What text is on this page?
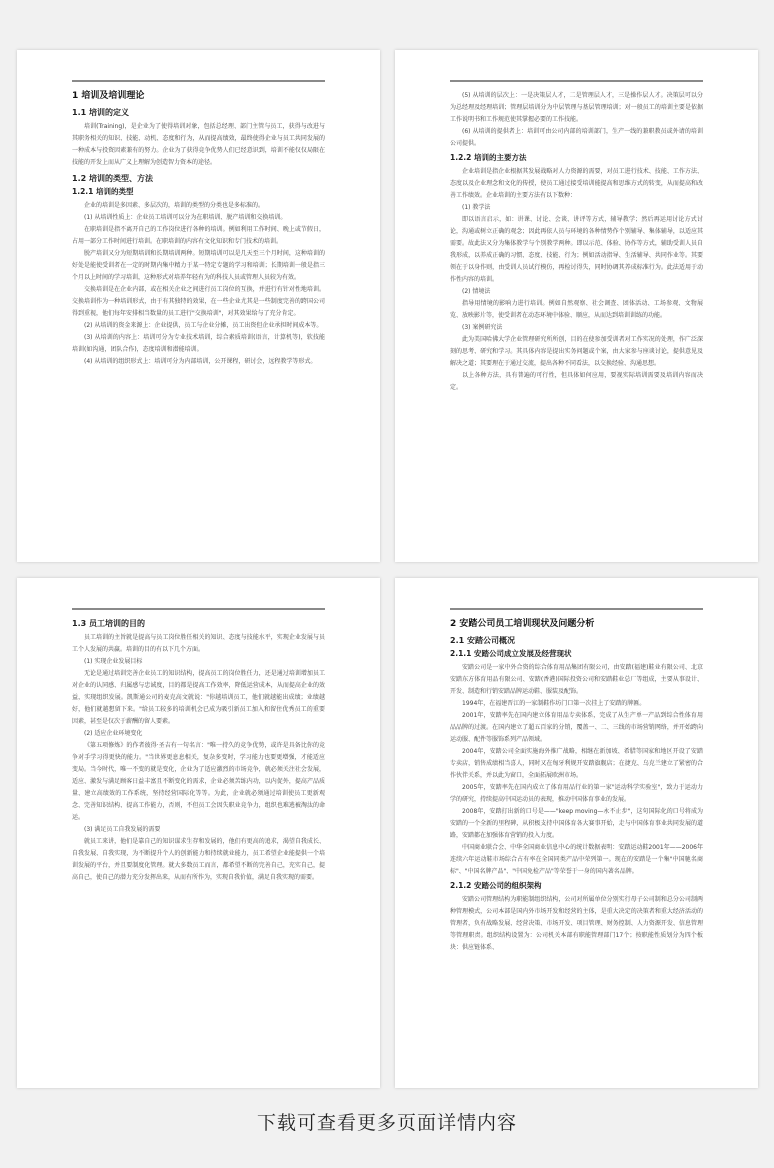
1 培训及培训理论
1.1 培训的定义

培训(Training)，是企业为了使得培训对象，包括总经理、部门主管与员工，获得与改进与其职务相关的知识、技能、动机、态度和行为，从而提高绩效，最终使得企业与员工共同发展的一种成本与投资因素兼有的努力。企业为了获得竞争优势人们已经意识到，培训不能仅仅局限在技能的开发上而从广义上理解为创造智力资本的途径。

1.2 培训的类型、方法
1.2.1 培训的类型

企业的培训是多因素、多层次的，培训的类型的分类也是多标准的。

(1) 从培训性质上：企业员工培训可以分为在职培训、脱产培训和交换培训。

在职培训是指不离开自己的工作岗位进行各种的培训。例如利用工作时间、晚上或节假日，占用一部分工作时间进行培训。在职培训的内容有文化知识和专门技术的培训。

脱产培训又分为短期培训和长期培训两种。短期培训可以是几天至三个月时间，这种培训的好处是能使受训者在一定的时期内集中精力于某一特定专题的学习和培训；长期培训一般是指三个月以上时间的学习培训，这种形式对培养年轻有为的科技人员或管理人员较为有效。

交换培训是在企业内部，或在相关企业之间进行员工岗位的互换，并进行有针对性地培训。交换培训作为一种培训形式，由于有其独特的效果，在一些企业尤其是一些制度完善的跨国公司得到重视，他们每年安排相当数量的员工进行"交换培训"，对其效果给与了充分肯定。

(2) 从培训的资金来源上：企业提供，员工与企业分摊，员工出资但企业承担时间成本等。

(3) 从培训的内容上：培训可分为专业技术培训，综合素质培训(语言，计算机等)，软技能培训(如沟通，团队合作)，态度培训和潜能培训。

(4) 从培训的组织形式上：培训可分为内部培训，公开课程，研讨会，远程教学等形式。

(5) 从培训的层次上：一是决策层人才，二是管理层人才，三是操作层人才。决策层可以分为总经理及经理培训；管理层培训分为中层管理与基层管理培训；对一般员工的培训主要是依据工作说明书和工作规范使其掌握必要的工作技能。

(6) 从培训的提供者上：培训可由公司内部的培训部门，生产一线的兼职教员或外请的培训公司提供。

1.2.2 培训的主要方法

企业培训是指企业根据其发展战略对人力资源的需要，对员工进行技术、技能、工作方法、态度以及企业理念和文化的传授，使员工通过接受培训能提高和思维方式的转变，从而提高和改善工作绩效。企业培训的主要方法有以下数种：

(1) 教学法

即以语言启示，如：讲课、讨论、会谈、讲评等方式，辅导教学；然后再运用讨论方式讨论，沟通或树立正确的观念；因此再依人员与环境的各种情势作个别辅导、集体辅导，以适应其需要。故此法又分为集体教学与个别教学两种。即以示范、体验、协作等方式，辅助受训人员自我形成，以养成正确的习惯、态度、技能、行为；例如活动指导、生活辅导、共同作业等。其要领在于以身作则，由受训人员试行模仿，再检讨得失，同时协调其养成标准行为。此法适用于动作性内容的培训。

(2) 情境法

指导用情境的影响力进行培训。例如自然观察、社会调查、团体活动、工场参观、文物展览、放映影片等，使受训者在动态环境中体验、顺应，从而达到培训训练的功能。

(3) 案例研究法

此为美国哈佛大学企业管理研究所所创，目的在使参加受训者对工作实况的处理，作广泛深刻的思考、研究和学习。其具体内容是提出实务问题或个案，由大家参与座谈讨论，提供意见及解决之道；其要理在于通过交流，提出各种不同看法，以交换经验、沟通思想。

以上各种方法，具有普遍的可行性，但具体如何应用，要视实际培训需要及培训内容而决定。

1.3 员工培训的目的

员工培训的主旨就是提高与员工岗位胜任相关的知识、态度与技能水平，实现企业发展与员工个人发展的共赢。培训的目的有以下几个方面。

(1) 实现企业发展目标

无论是通过培训完善企业员工的知识结构，提高员工的岗位胜任力，还是通过培训增加员工对企业的认同感、归属感与忠诚度，目的都是提高工作效率，降低运营成本，从而提高企业的效益，实现组织发展。凯斯通公司的麦克高文就说："你越培训员工，他们就越能出成绩；业绩越好，他们就越想留下来。"给员工较多的培训机会已成为吸引新员工加入和留住优秀员工的重要因素，甚至是仅次于薪酬的留人要素。

(2) 适应企业环境变化

《第五项修炼》的作者彼得·圣吉有一句名言："唯一持久的竞争优势，或许是具备比你的竞争对手学习得更快的能力。"当世界更息息相关，复杂多变时，学习能力也要更增强，才能适应变局。当今时代，唯一不变的就是变化，企业为了适应激烈的市场竞争，就必须关注社会发展，适应、激发与满足顾客日益丰富且不断变化的需求，企业必须苦练内功，以内促外，提高产品质量、建立高绩效的工作系统，坚持经营国际化等等。为此，企业就必须通过培训使员工更新观念、完善知识结构、提高工作能力，否则，不但员工会因失职业竞争力，组织也难逃被淘汰的命运。

(3) 满足员工自我发展的需要

就员工来讲，他们是靠自己的知识谋求生存和发展的，他们有更高的追求，渴望自我成长、自我发展、自我实现，为不断提升个人的创新能力和持续就业能力，员工希望企业能提供一个培训发展的平台，并且要制度化管理。就大多数员工而言，都希望不断的完善自己，充实自己，提高自己，使自己的潜力充分发挥出来，从而有所作为，实现自我价值，满足自我实现的需要。

2 安踏公司员工培训现状及问题分析
2.1 安踏公司概况
2.1.1 安踏公司成立发展及经营现状

安踏公司是一家中外合资的综合体育用品集团有限公司，由安踏(福建)鞋业有限公司、北京安踏东方体育用品有限公司、安踏(香港)国际投资公司和安踏鞋业总厂等组成，主要从事设计、开发、制造和行销安踏品牌运动鞋、服装及配饰。

1994年，在福建晋江的一家制鞋作坊门口第一次挂上了安踏的牌匾。

2001年，安踏率先在国内建立体育用品专卖体系，完成了从生产单一产品到综合性体育用品品牌的过渡。在国内建立了超五百家的分销，覆盖一、二、三线的市场营销网络，并开始跨向运动服、配件等服饰系列产品领域。

2004年，安踏公司全面实施海外推广战略，相继在新加坡、希腊等国家和地区开设了安踏专卖店，销售成绩相当喜人，同时又在匈牙利规开安踏旗舰店；在捷克、乌克兰建立了紧密的合作伙伴关系，并以此为窗口，全面拓展欧洲市场。

2005年，安踏率先在国内成立了体育用品行业的第一家"运动科学实验室"，致力于运动力学的研究，持续提高中国运动员的表现，推动中国体育事业的发展。

2008年，安踏打出新的口号是——"keep moving—永不止步"，这句国际化的口号将成为安踏的一个全新的里程碑，从积极支持中国体育各大赛事开始，走与中国体育事业共同发展的道路，安踏都在加强体育营销的投入力度。

中国商业联合会、中华全国商业信息中心的统计数据表明：安踏运动鞋2001年——2006年连续六年运动鞋市场综合占有率在全国同类产品中荣列第一。现在的安踏是一个集"中国驰名商标"、"中国名牌产品"、"中国免检产品"等荣誉于一身的国内著名品牌。

2.1.2 安踏公司的组织架构

安踏公司管理结构为职能制组织结构，公司对所属单位分别实行母子公司制和总分公司制两种管理模式，公司本部是国内外市场开发和经营的主体，是重大决定的决策者和重大经济活动的管理者，负有战略发展、经营决策、市场开发、项目管理、财务控制、人力资源开发、信息管理等管理职责。组织结构设置为：公司机关本部有职能管理部门17个；按职能性质划分为四个板块：供应链体系、

下载可查看更多页面详情内容
